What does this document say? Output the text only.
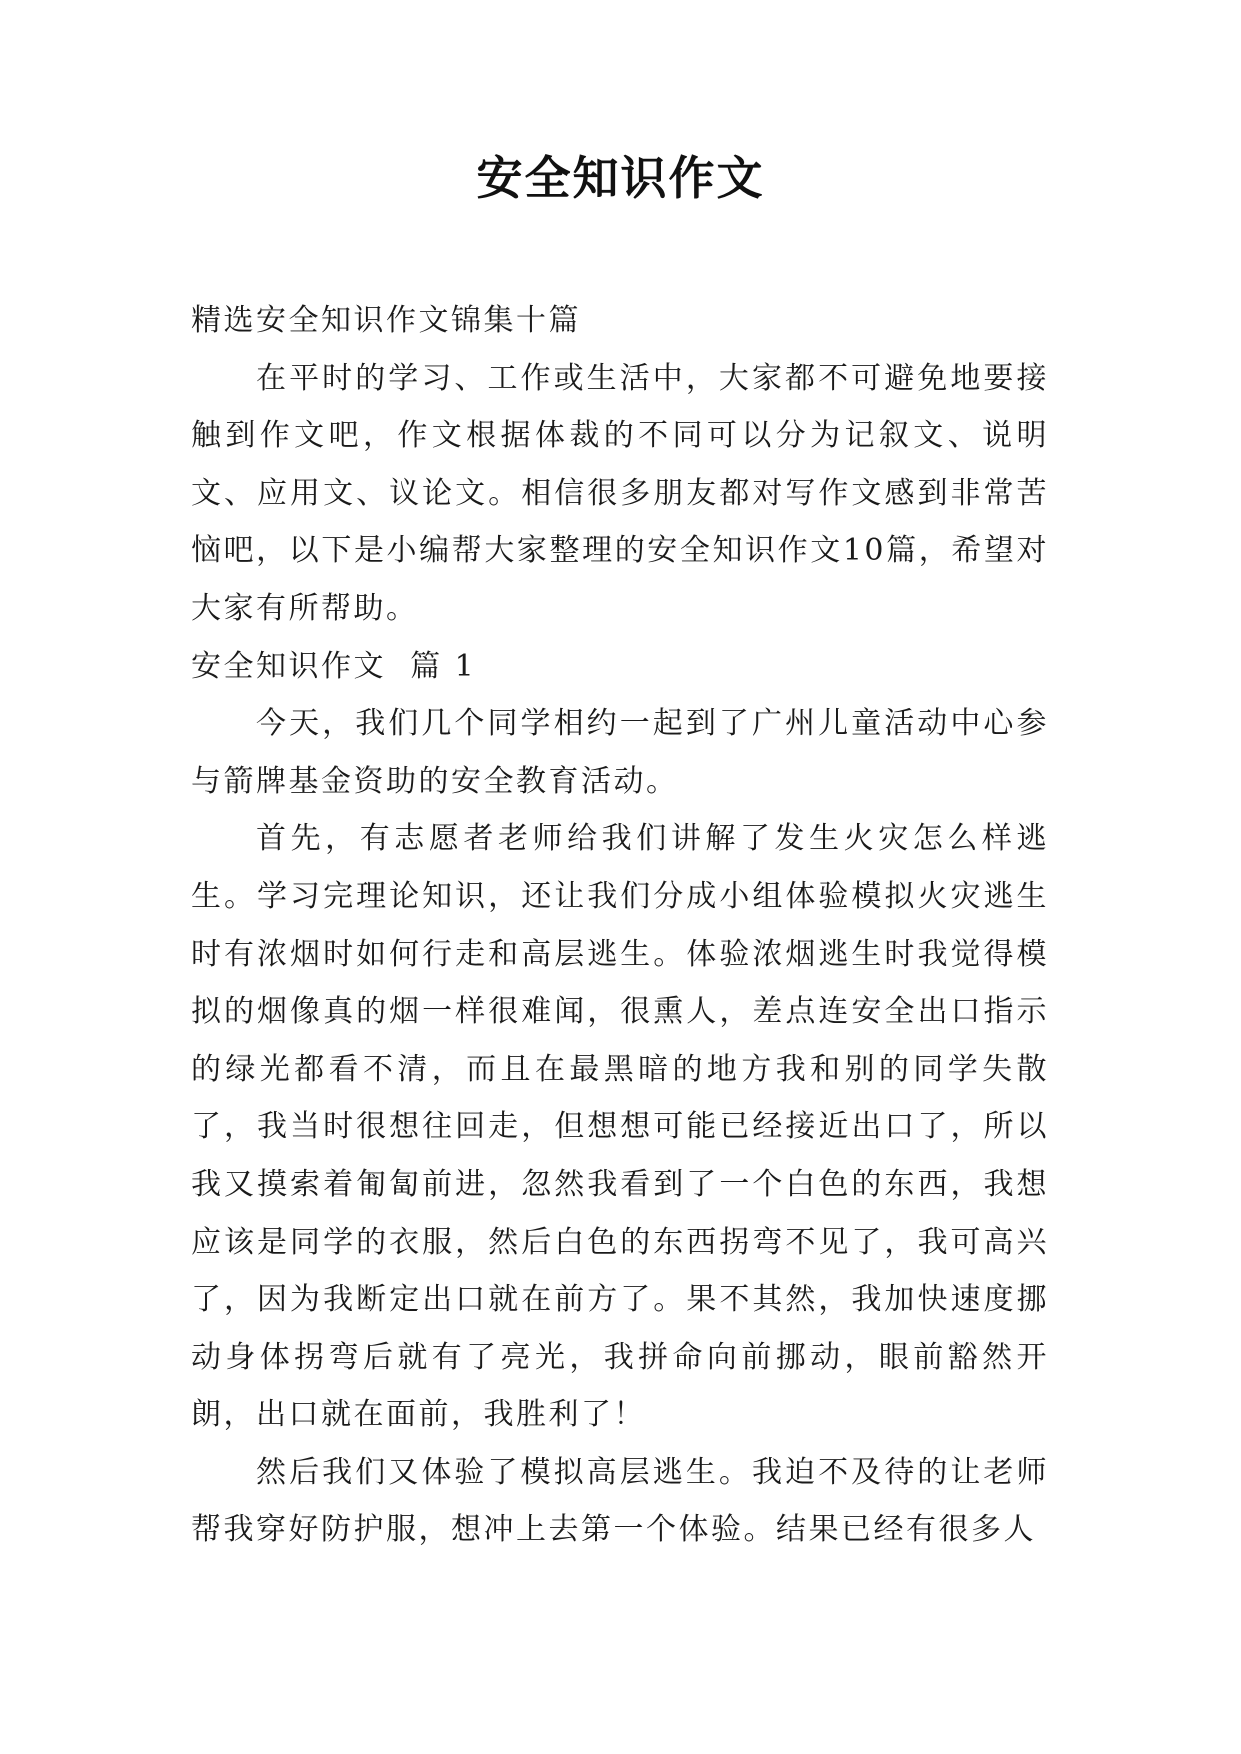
安全知识作文

精选安全知识作文锦集十篇

在平时的学习、工作或生活中，大家都不可避免地要接触到作文吧，作文根据体裁的不同可以分为记叙文、说明文、应用文、议论文。相信很多朋友都对写作文感到非常苦恼吧，以下是小编帮大家整理的安全知识作文10篇，希望对大家有所帮助。

安全知识作文  篇 1

今天，我们几个同学相约一起到了广州儿童活动中心参与箭牌基金资助的安全教育活动。

首先，有志愿者老师给我们讲解了发生火灾怎么样逃生。学习完理论知识，还让我们分成小组体验模拟火灾逃生时有浓烟时如何行走和高层逃生。体验浓烟逃生时我觉得模拟的烟像真的烟一样很难闻，很熏人，差点连安全出口指示的绿光都看不清，而且在最黑暗的地方我和别的同学失散了，我当时很想往回走，但想想可能已经接近出口了，所以我又摸索着匍匐前进，忽然我看到了一个白色的东西，我想应该是同学的衣服，然后白色的东西拐弯不见了，我可高兴了，因为我断定出口就在前方了。果不其然，我加快速度挪动身体拐弯后就有了亮光，我拼命向前挪动，眼前豁然开朗，出口就在面前，我胜利了！

然后我们又体验了模拟高层逃生。我迫不及待的让老师帮我穿好防护服，想冲上去第一个体验。结果已经有很多人
